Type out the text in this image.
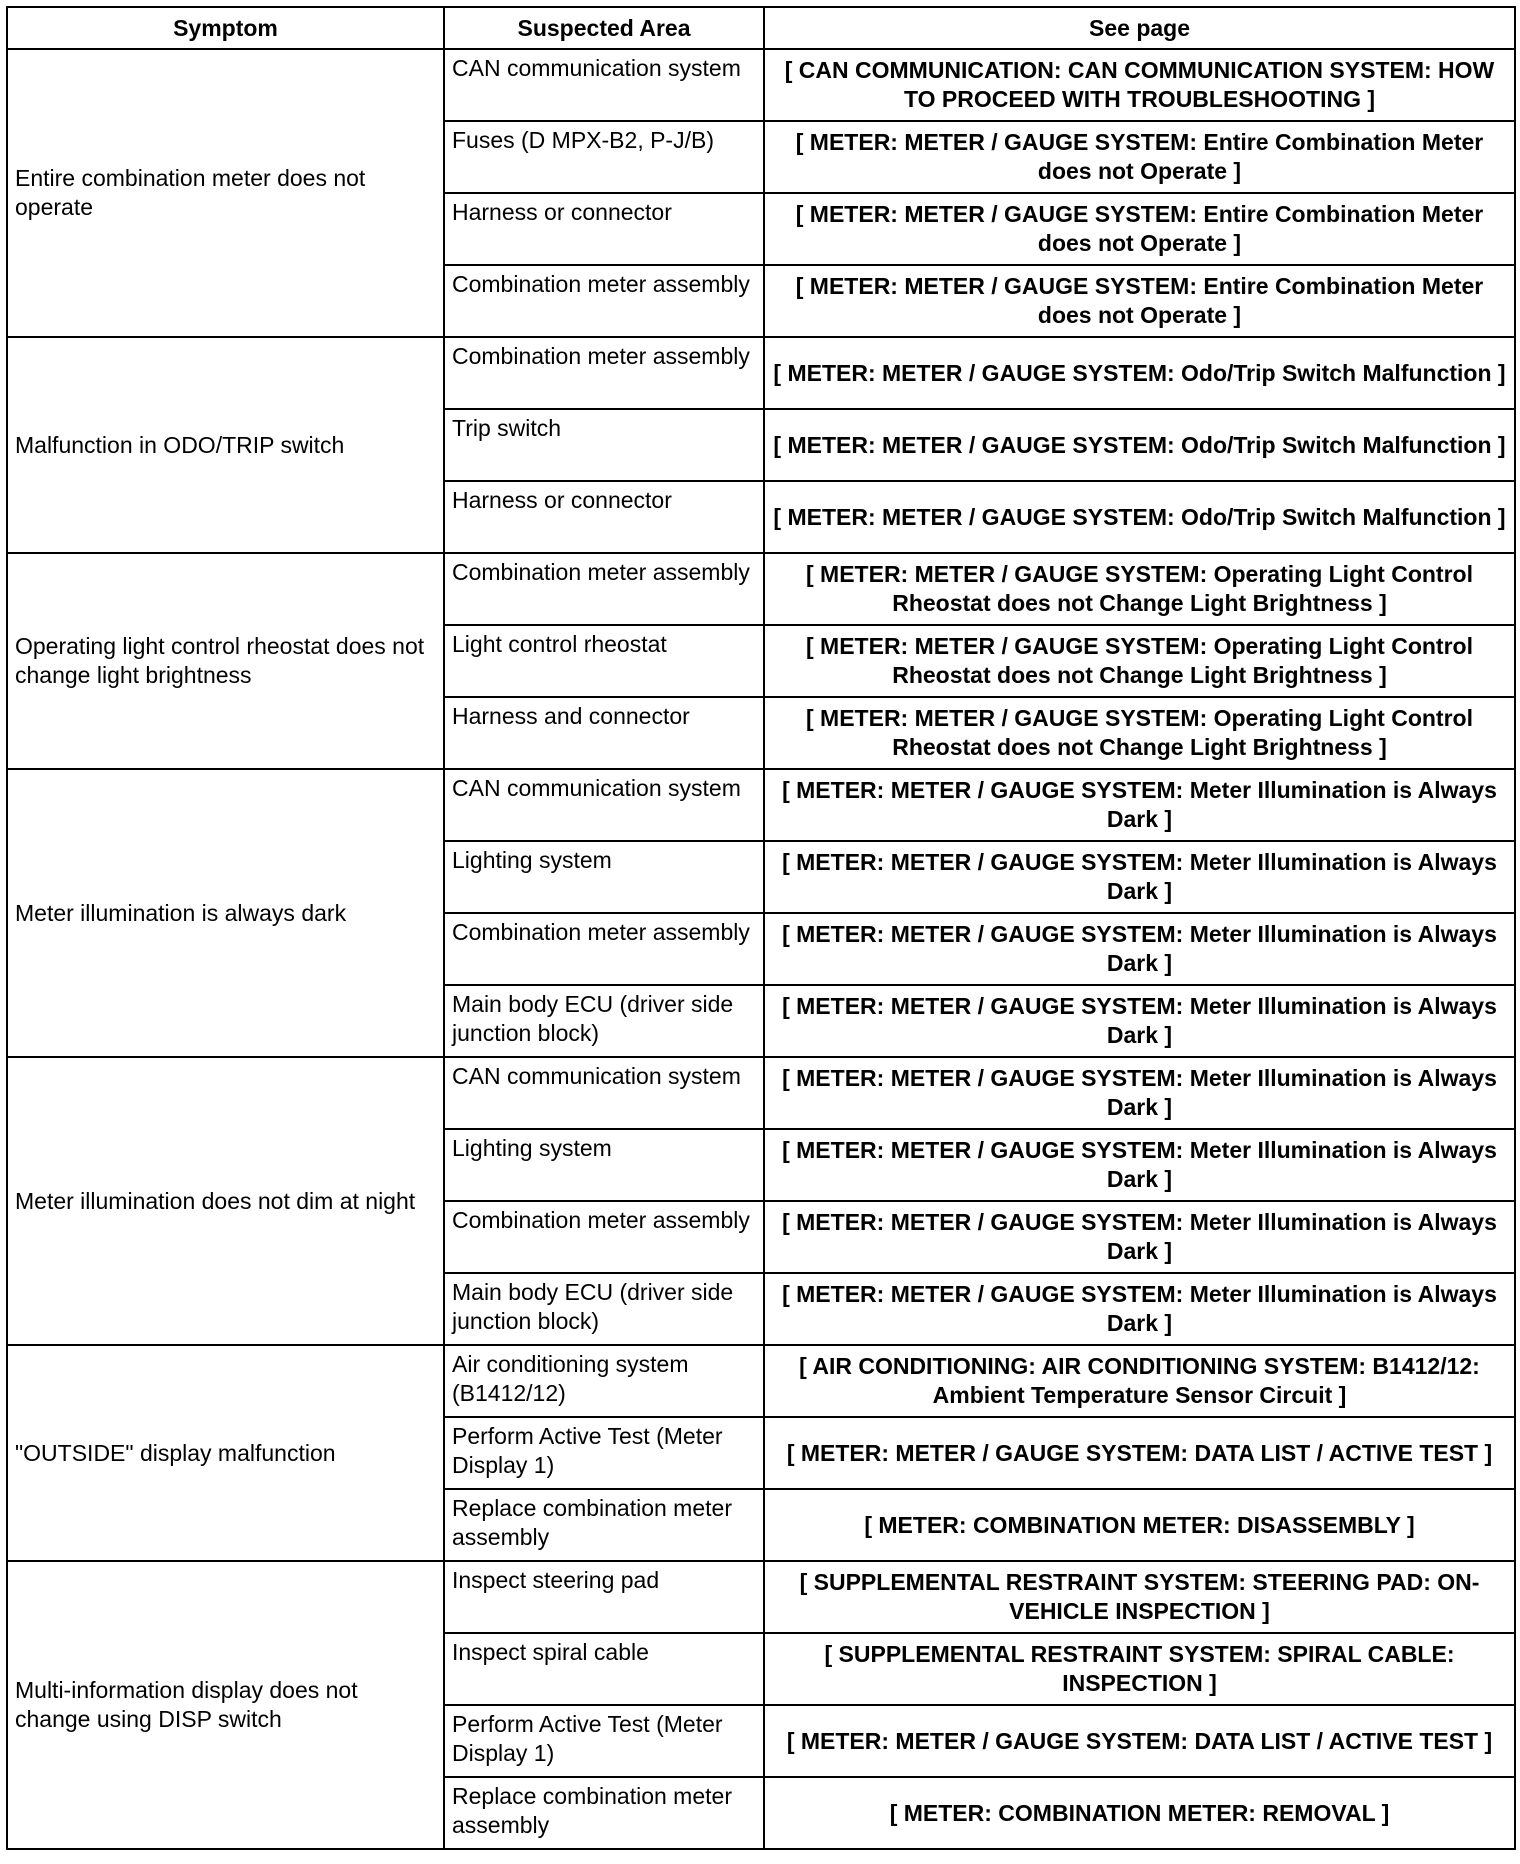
Symptom	Suspected Area	See page
Entire combination meter does not operate	CAN communication system	[ CAN COMMUNICATION: CAN COMMUNICATION SYSTEM: HOW TO PROCEED WITH TROUBLESHOOTING ]
	Fuses (D MPX-B2, P-J/B)	[ METER: METER / GAUGE SYSTEM: Entire Combination Meter does not Operate ]
	Harness or connector	[ METER: METER / GAUGE SYSTEM: Entire Combination Meter does not Operate ]
	Combination meter assembly	[ METER: METER / GAUGE SYSTEM: Entire Combination Meter does not Operate ]
Malfunction in ODO/TRIP switch	Combination meter assembly	[ METER: METER / GAUGE SYSTEM: Odo/Trip Switch Malfunction ]
	Trip switch	[ METER: METER / GAUGE SYSTEM: Odo/Trip Switch Malfunction ]
	Harness or connector	[ METER: METER / GAUGE SYSTEM: Odo/Trip Switch Malfunction ]
Operating light control rheostat does not change light brightness	Combination meter assembly	[ METER: METER / GAUGE SYSTEM: Operating Light Control Rheostat does not Change Light Brightness ]
	Light control rheostat	[ METER: METER / GAUGE SYSTEM: Operating Light Control Rheostat does not Change Light Brightness ]
	Harness and connector	[ METER: METER / GAUGE SYSTEM: Operating Light Control Rheostat does not Change Light Brightness ]
Meter illumination is always dark	CAN communication system	[ METER: METER / GAUGE SYSTEM: Meter Illumination is Always Dark ]
	Lighting system	[ METER: METER / GAUGE SYSTEM: Meter Illumination is Always Dark ]
	Combination meter assembly	[ METER: METER / GAUGE SYSTEM: Meter Illumination is Always Dark ]
	Main body ECU (driver side junction block)	[ METER: METER / GAUGE SYSTEM: Meter Illumination is Always Dark ]
Meter illumination does not dim at night	CAN communication system	[ METER: METER / GAUGE SYSTEM: Meter Illumination is Always Dark ]
	Lighting system	[ METER: METER / GAUGE SYSTEM: Meter Illumination is Always Dark ]
	Combination meter assembly	[ METER: METER / GAUGE SYSTEM: Meter Illumination is Always Dark ]
	Main body ECU (driver side junction block)	[ METER: METER / GAUGE SYSTEM: Meter Illumination is Always Dark ]
"OUTSIDE" display malfunction	Air conditioning system (B1412/12)	[ AIR CONDITIONING: AIR CONDITIONING SYSTEM: B1412/12: Ambient Temperature Sensor Circuit ]
	Perform Active Test (Meter Display 1)	[ METER: METER / GAUGE SYSTEM: DATA LIST / ACTIVE TEST ]
	Replace combination meter assembly	[ METER: COMBINATION METER: DISASSEMBLY ]
Multi-information display does not change using DISP switch	Inspect steering pad	[ SUPPLEMENTAL RESTRAINT SYSTEM: STEERING PAD: ON-VEHICLE INSPECTION ]
	Inspect spiral cable	[ SUPPLEMENTAL RESTRAINT SYSTEM: SPIRAL CABLE: INSPECTION ]
	Perform Active Test (Meter Display 1)	[ METER: METER / GAUGE SYSTEM: DATA LIST / ACTIVE TEST ]
	Replace combination meter assembly	[ METER: COMBINATION METER: REMOVAL ]
